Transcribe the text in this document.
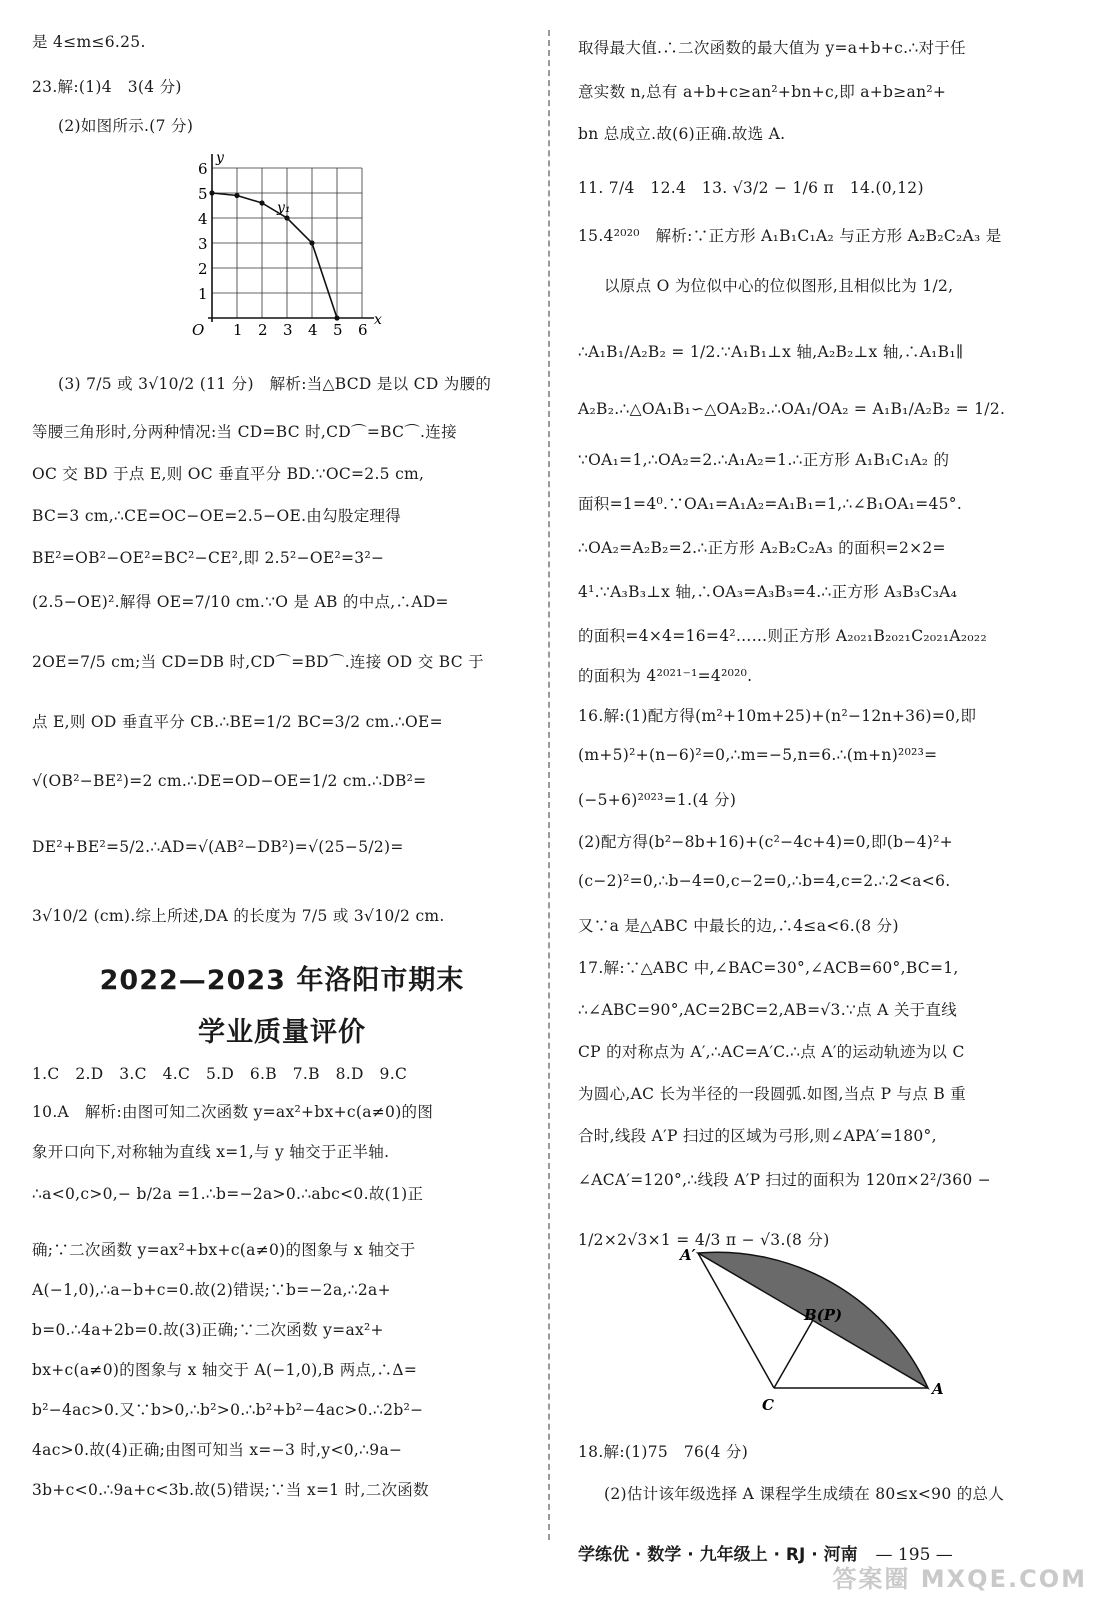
是 4≤m≤6.25.
23.解:(1)4　3(4 分)
(2)如图所示.(7 分)
(3) 7/5 或 3√10/2 (11 分)　解析:当△BCD 是以 CD 为腰的
等腰三角形时,分两种情况:当 CD=BC 时,CD⌒=BC⌒.连接
OC 交 BD 于点 E,则 OC 垂直平分 BD.∵OC=2.5 cm,
BC=3 cm,∴CE=OC−OE=2.5−OE.由勾股定理得
BE²=OB²−OE²=BC²−CE²,即 2.5²−OE²=3²−
(2.5−OE)².解得 OE=7/10 cm.∵O 是 AB 的中点,∴AD=
2OE=7/5 cm;当 CD=DB 时,CD⌒=BD⌒.连接 OD 交 BC 于
点 E,则 OD 垂直平分 CB.∴BE=1/2 BC=3/2 cm.∴OE=
√(OB²−BE²)=2 cm.∴DE=OD−OE=1/2 cm.∴DB²=
DE²+BE²=5/2.∴AD=√(AB²−DB²)=√(25−5/2)=
3√10/2 (cm).综上所述,DA 的长度为 7/5 或 3√10/2 cm.
1.C　2.D　3.C　4.C　5.D　6.B　7.B　8.D　9.C
10.A　解析:由图可知二次函数 y=ax²+bx+c(a≠0)的图
象开口向下,对称轴为直线 x=1,与 y 轴交于正半轴.
∴a<0,c>0,− b/2a =1.∴b=−2a>0.∴abc<0.故(1)正
确;∵二次函数 y=ax²+bx+c(a≠0)的图象与 x 轴交于
A(−1,0),∴a−b+c=0.故(2)错误;∵b=−2a,∴2a+
b=0.∴4a+2b=0.故(3)正确;∵二次函数 y=ax²+
bx+c(a≠0)的图象与 x 轴交于 A(−1,0),B 两点,∴Δ=
b²−4ac>0.又∵b>0,∴b²>0.∴b²+b²−4ac>0.∴2b²−
4ac>0.故(4)正确;由图可知当 x=−3 时,y<0,∴9a−
3b+c<0.∴9a+c<3b.故(5)错误;∵当 x=1 时,二次函数
取得最大值.∴二次函数的最大值为 y=a+b+c.∴对于任
意实数 n,总有 a+b+c≥an²+bn+c,即 a+b≥an²+
bn 总成立.故(6)正确.故选 A.
11. 7/4　12.4　13. √3/2 − 1/6 π　14.(0,12)
15.4²⁰²⁰　解析:∵正方形 A₁B₁C₁A₂ 与正方形 A₂B₂C₂A₃ 是
以原点 O 为位似中心的位似图形,且相似比为 1/2,
∴A₁B₁/A₂B₂ = 1/2.∵A₁B₁⊥x 轴,A₂B₂⊥x 轴,∴A₁B₁∥
A₂B₂.∴△OA₁B₁∽△OA₂B₂.∴OA₁/OA₂ = A₁B₁/A₂B₂ = 1/2.
∵OA₁=1,∴OA₂=2.∴A₁A₂=1.∴正方形 A₁B₁C₁A₂ 的
面积=1=4⁰.∵OA₁=A₁A₂=A₁B₁=1,∴∠B₁OA₁=45°.
∴OA₂=A₂B₂=2.∴正方形 A₂B₂C₂A₃ 的面积=2×2=
4¹.∵A₃B₃⊥x 轴,∴OA₃=A₃B₃=4.∴正方形 A₃B₃C₃A₄
的面积=4×4=16=4²……则正方形 A₂₀₂₁B₂₀₂₁C₂₀₂₁A₂₀₂₂
的面积为 4²⁰²¹⁻¹=4²⁰²⁰.
16.解:(1)配方得(m²+10m+25)+(n²−12n+36)=0,即
(m+5)²+(n−6)²=0,∴m=−5,n=6.∴(m+n)²⁰²³=
(−5+6)²⁰²³=1.(4 分)
(2)配方得(b²−8b+16)+(c²−4c+4)=0,即(b−4)²+
(c−2)²=0,∴b−4=0,c−2=0,∴b=4,c=2.∴2<a<6.
又∵a 是△ABC 中最长的边,∴4≤a<6.(8 分)
17.解:∵△ABC 中,∠BAC=30°,∠ACB=60°,BC=1,
∴∠ABC=90°,AC=2BC=2,AB=√3.∵点 A 关于直线
CP 的对称点为 A′,∴AC=A′C.∴点 A′的运动轨迹为以 C
为圆心,AC 长为半径的一段圆弧.如图,当点 P 与点 B 重
合时,线段 A′P 扫过的区域为弓形,则∠APA′=180°,
∠ACA′=120°,∴线段 A′P 扫过的面积为 120π×2²/360 −
1/2×2√3×1 = 4/3 π − √3.(8 分)
18.解:(1)75　76(4 分)
(2)估计该年级选择 A 课程学生成绩在 80≤x<90 的总人
2022—2023 年洛阳市期末
学业质量评价
1 2 3 4 5 6
1
2
3
4
5
6
O
x
y
y₁
A′
B(P)
C
A
学练优 · 数学 · 九年级上 · RJ · 河南 — 195 —
答案圈 MXQE.COM
